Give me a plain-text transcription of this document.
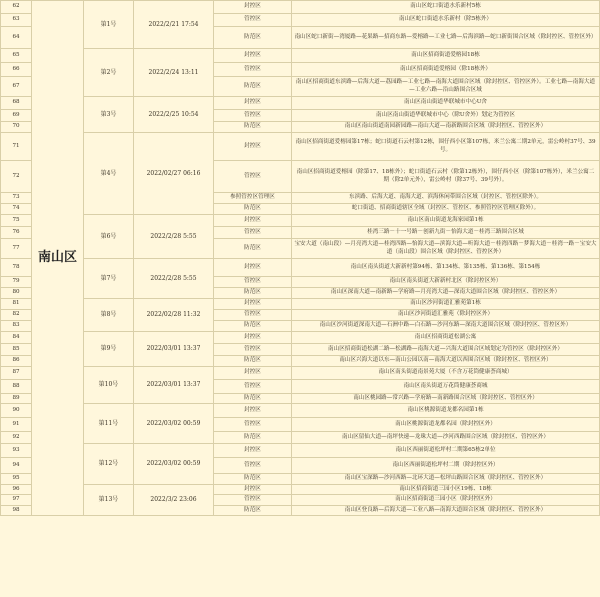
62	南山区	第1号	2022/2/21 17:54	封控区	南山区蛇口街道水乐新村5栋
63				管控区	南山区蛇口街道水乐新村（除5栋外）
64				防范区	南山区蛇口新街—湾厦路—花果路—招商东路—爱榕路—工业七路—后海滨路—蛇口新街围合区域（除封控区、管控区外）
65		第2号	2022/2/24 13:11	封控区	南山区招商街道爱榕园18栋
66				管控区	南山区招商街道爱榕园（除18栋外）
67				防范区	南山区招商街道东滨路—后海大道—荔园路—工业七路—南海大道围合区域（除封控区、管控区外）。工业七路—南海大道—工业六路—沿山路围合区域
68		第3号	2022/2/25 10:54	封控区	南山区南山街道华联城市中心U舍
69				管控区	南山区南山街道华联城市中心（除U舍外）划定为管控区
70				防范区	南山区南山街道南园新园路—南山大道—南新路围合区域（除封控区、管控区外）
71		第4号	2022/02/27 06:16	封控区	南山区招商街道爱榕园第17栋；蛇口街道石云村第12栋，围仔西小区第107栋，米兰公寓二期2单元，雷公岭村37号、39号。
72				管控区	南山区招商街道爱榕园（除第17、18栋外）；蛇口街道石云村（除第12栋外），围仔西小区（除第107栋外），米兰公寓二期（除2单元外），雷公岭村（除37号、39号外）。
73				参照管控区管理区	东滨路、后海大道、南海大道、滨海休闲带围合区域（封控区、管控区除外）。
74				防范区	蛇口街道、招商街道辖区全域（封控区、管控区、参照管控区管理区除外）。
75		第6号	2022/2/28 5:55	封控区	南山区南山街道龙海家园第1栋
76				管控区	桂湾三路－十一号路－创新九街－怡海大道－桂湾三路围合区域
77				防范区	宝安大道（南山段）—月亮湾大道—桂湾四路—怡海大道—滨海大道—听海大道－桂湾四路－梦海大道－桂湾一路－宝安大道（南山段）围合区域（除封控区、管控区外）
78		第7号	2022/2/28 5:55	封控区	南山区南头街道大新新村第94栋、第134栋、第135栋、第136栋、第154栋
79				管控区	南山区南头街道大新新村北区（除封控区外）
80				防范区	南山区深南大道—南新路—学府路—月亮湾大道—深南大道围合区域（除封控区、管控区外）
81		第8号	2022/02/28 11:32	封控区	南山区沙河街道汇雅苑第1栋
82				管控区	南山区沙河街道汇雅苑（除封控区外）
83				防范区	南山区沙河街道深南大道—石洲中路—白石路—沙河东路—深南大道围合区域（除封控区、管控区外）
84		第9号	2022/03/01 13:37	封控区	南山区招商街道松湖公寓
85				管控区	南山区招商街道松湖二路—松湖路—南海大道—兴海大道围合区域划定为管控区（除封控区外）
86				防范区	南山区兴海大道以东—南山公园以南—南海大道以西围合区域（除封控区、管控区外）
87		第10号	2022/03/01 13:37	封控区	南山区南头街道南景苑大厦（不含万花筒健康荟商城）
88				管控区	南山区南头街道万花筒健康荟商城
89				防范区	南山区桃园路—常兴路—学府路—南新路围合区域（除封控区、管控区外）
90		第11号	2022/03/02 00:59	封控区	南山区桃源街道龙都名园第1栋
91				管控区	南山区桃源街道龙都名园（除封控区外）
92				防范区	南山区留仙大道—南坪快速—龙珠大道—沙河西路围合区域（除封控区、管控区外）
93		第12号	2022/03/02 00:59	封控区	南山区西丽街道松坪村二期第65栋2单位
94				管控区	南山区西丽街道松坪村二期（除封控区外）
95				防范区	南山区宝深路—沙河西路—北环大道—松坪山路围合区域（除封控区、管控区外）
96		第13号	2022/3/2 23:06	封控区	南山区招商街道三园小区19栋、18栋
97				管控区	南山区招商街道三园小区（除封控区外）
98				防范区	南山区登良路—后海大道—工业八路—南海大道围合区域（除封控区、管控区外）
